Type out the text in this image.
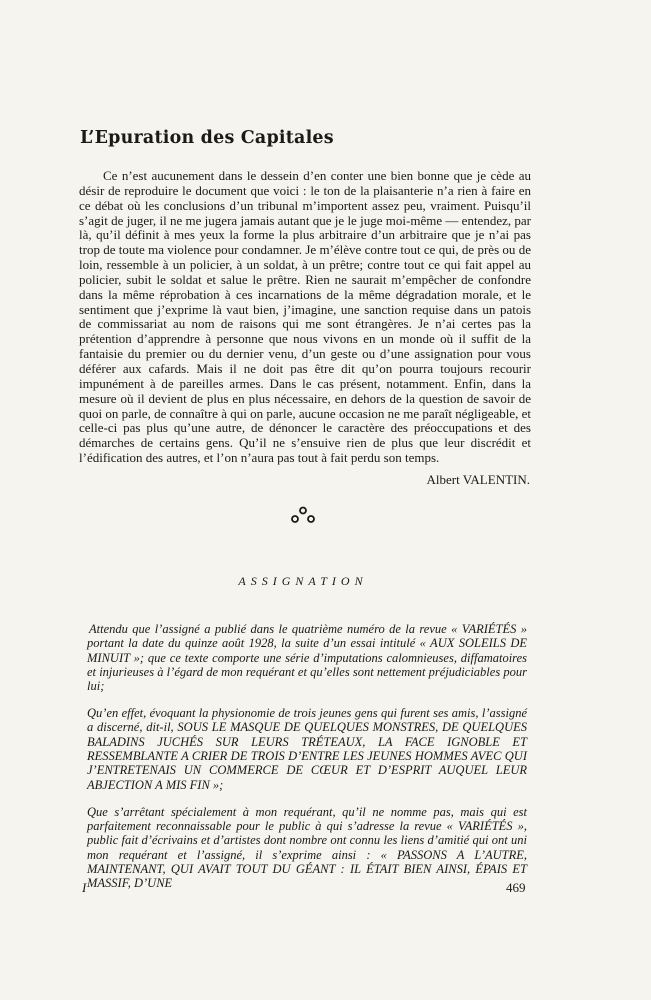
L’Epuration des Capitales

Ce n’est aucunement dans le dessein d’en conter une bien bonne que je cède au désir de reproduire le document que voici : le ton de la plaisanterie n’a rien à faire en ce débat où les conclusions d’un tribunal m’importent assez peu, vraiment. Puisqu’il s’agit de juger, il ne me jugera jamais autant que je le juge moi-même — entendez, par là, qu’il définit à mes yeux la forme la plus arbitraire d’un arbitraire que je n’ai pas trop de toute ma violence pour condamner. Je m’élève contre tout ce qui, de près ou de loin, ressemble à un policier, à un soldat, à un prêtre; contre tout ce qui fait appel au policier, subit le soldat et salue le prêtre. Rien ne saurait m’empêcher de confondre dans la même réprobation à ces incarnations de la même dégradation morale, et le sentiment que j’exprime là vaut bien, j’imagine, une sanction requise dans un patois de commissariat au nom de raisons qui me sont étrangères. Je n’ai certes pas la prétention d’apprendre à personne que nous vivons en un monde où il suffit de la fantaisie du premier ou du dernier venu, d’un geste ou d’une assignation pour vous déférer aux cafards. Mais il ne doit pas être dit qu’on pourra toujours recourir impunément à de pareilles armes. Dans le cas présent, notamment. Enfin, dans la mesure où il devient de plus en plus nécessaire, en dehors de la question de savoir de quoi on parle, de connaître à qui on parle, aucune occasion ne me paraît négligeable, et celle-ci pas plus qu’une autre, de dénoncer le caractère des préoccupations et des démarches de certains gens. Qu’il ne s’ensuive rien de plus que leur discrédit et l’édification des autres, et l’on n’aura pas tout à fait perdu son temps.

Albert VALENTIN.
ASSIGNATION

Attendu que l’assigné a publié dans le quatrième numéro de la revue « VARIÉTÉS » portant la date du quinze août 1928, la suite d’un essai intitulé « AUX SOLEILS DE MINUIT »; que ce texte comporte une série d’imputations calomnieuses, diffamatoires et injurieuses à l’égard de mon requérant et qu’elles sont nettement préjudiciables pour lui;

Qu’en effet, évoquant la physionomie de trois jeunes gens qui furent ses amis, l’assigné a discerné, dit-il, SOUS LE MASQUE DE QUELQUES MONSTRES, DE QUELQUES BALADINS JUCHÉS SUR LEURS TRÉTEAUX, LA FACE IGNOBLE ET RESSEMBLANTE A CRIER DE TROIS D’ENTRE LES JEUNES HOMMES AVEC QUI J’ENTRETENAIS UN COMMERCE DE CŒUR ET D’ESPRIT AUQUEL LEUR ABJECTION A MIS FIN »;

Que s’arrêtant spécialement à mon requérant, qu’il ne nomme pas, mais qui est parfaitement reconnaissable pour le public à qui s’adresse la revue « VARIÉTÉS », public fait d’écrivains et d’artistes dont nombre ont connu les liens d’amitié qui ont uni mon requérant et l’assigné, il s’exprime ainsi : « PASSONS A L’AUTRE, MAINTENANT, QUI AVAIT TOUT DU GÉANT : IL ÉTAIT BIEN AINSI, ÉPAIS ET MASSIF, D’UNE

I	469
